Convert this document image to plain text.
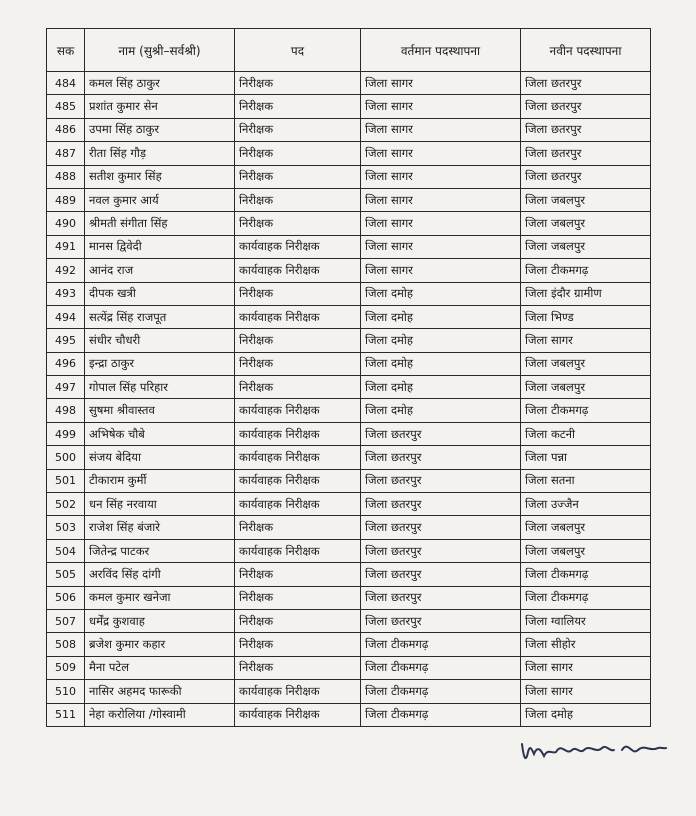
सक	नाम (सुश्री–सर्वश्री)	पद	वर्तमान पदस्थापना	नवीन पदस्थापना
484	कमल सिंह ठाकुर	निरीक्षक	जिला सागर	जिला छतरपुर
485	प्रशांत कुमार सेन	निरीक्षक	जिला सागर	जिला छतरपुर
486	उपमा सिंह ठाकुर	निरीक्षक	जिला सागर	जिला छतरपुर
487	रीता सिंह गौड़	निरीक्षक	जिला सागर	जिला छतरपुर
488	सतीश कुमार सिंह	निरीक्षक	जिला सागर	जिला छतरपुर
489	नवल कुमार आर्य	निरीक्षक	जिला सागर	जिला जबलपुर
490	श्रीमती संगीता सिंह	निरीक्षक	जिला सागर	जिला जबलपुर
491	मानस द्विवेदी	कार्यवाहक निरीक्षक	जिला सागर	जिला जबलपुर
492	आनंद राज	कार्यवाहक निरीक्षक	जिला सागर	जिला टीकमगढ़
493	दीपक खत्री	निरीक्षक	जिला दमोह	जिला इंदौर ग्रामीण
494	सत्येंद्र सिंह राजपूत	कार्यवाहक निरीक्षक	जिला दमोह	जिला भिण्ड
495	संधीर चौधरी	निरीक्षक	जिला दमोह	जिला सागर
496	इन्द्रा ठाकुर	निरीक्षक	जिला दमोह	जिला जबलपुर
497	गोपाल सिंह परिहार	निरीक्षक	जिला दमोह	जिला जबलपुर
498	सुषमा श्रीवास्तव	कार्यवाहक निरीक्षक	जिला दमोह	जिला टीकमगढ़
499	अभिषेक चौबे	कार्यवाहक निरीक्षक	जिला छतरपुर	जिला कटनी
500	संजय बेदिया	कार्यवाहक निरीक्षक	जिला छतरपुर	जिला पन्ना
501	टीकाराम कुर्मी	कार्यवाहक निरीक्षक	जिला छतरपुर	जिला सतना
502	धन सिंह नरवाया	कार्यवाहक निरीक्षक	जिला छतरपुर	जिला उज्जैन
503	राजेश सिंह बंजारे	निरीक्षक	जिला छतरपुर	जिला जबलपुर
504	जितेन्द्र पाटकर	कार्यवाहक निरीक्षक	जिला छतरपुर	जिला जबलपुर
505	अरविंद सिंह दांगी	निरीक्षक	जिला छतरपुर	जिला टीकमगढ़
506	कमल कुमार खनेजा	निरीक्षक	जिला छतरपुर	जिला टीकमगढ़
507	धर्मेंद्र कुशवाह	निरीक्षक	जिला छतरपुर	जिला ग्वालियर
508	ब्रजेश कुमार कहार	निरीक्षक	जिला टीकमगढ़	जिला सीहोर
509	मैना पटेल	निरीक्षक	जिला टीकमगढ़	जिला सागर
510	नासिर अहमद फारूकी	कार्यवाहक निरीक्षक	जिला टीकमगढ़	जिला सागर
511	नेहा करोलिया /गोस्वामी	कार्यवाहक निरीक्षक	जिला टीकमगढ़	जिला दमोह
